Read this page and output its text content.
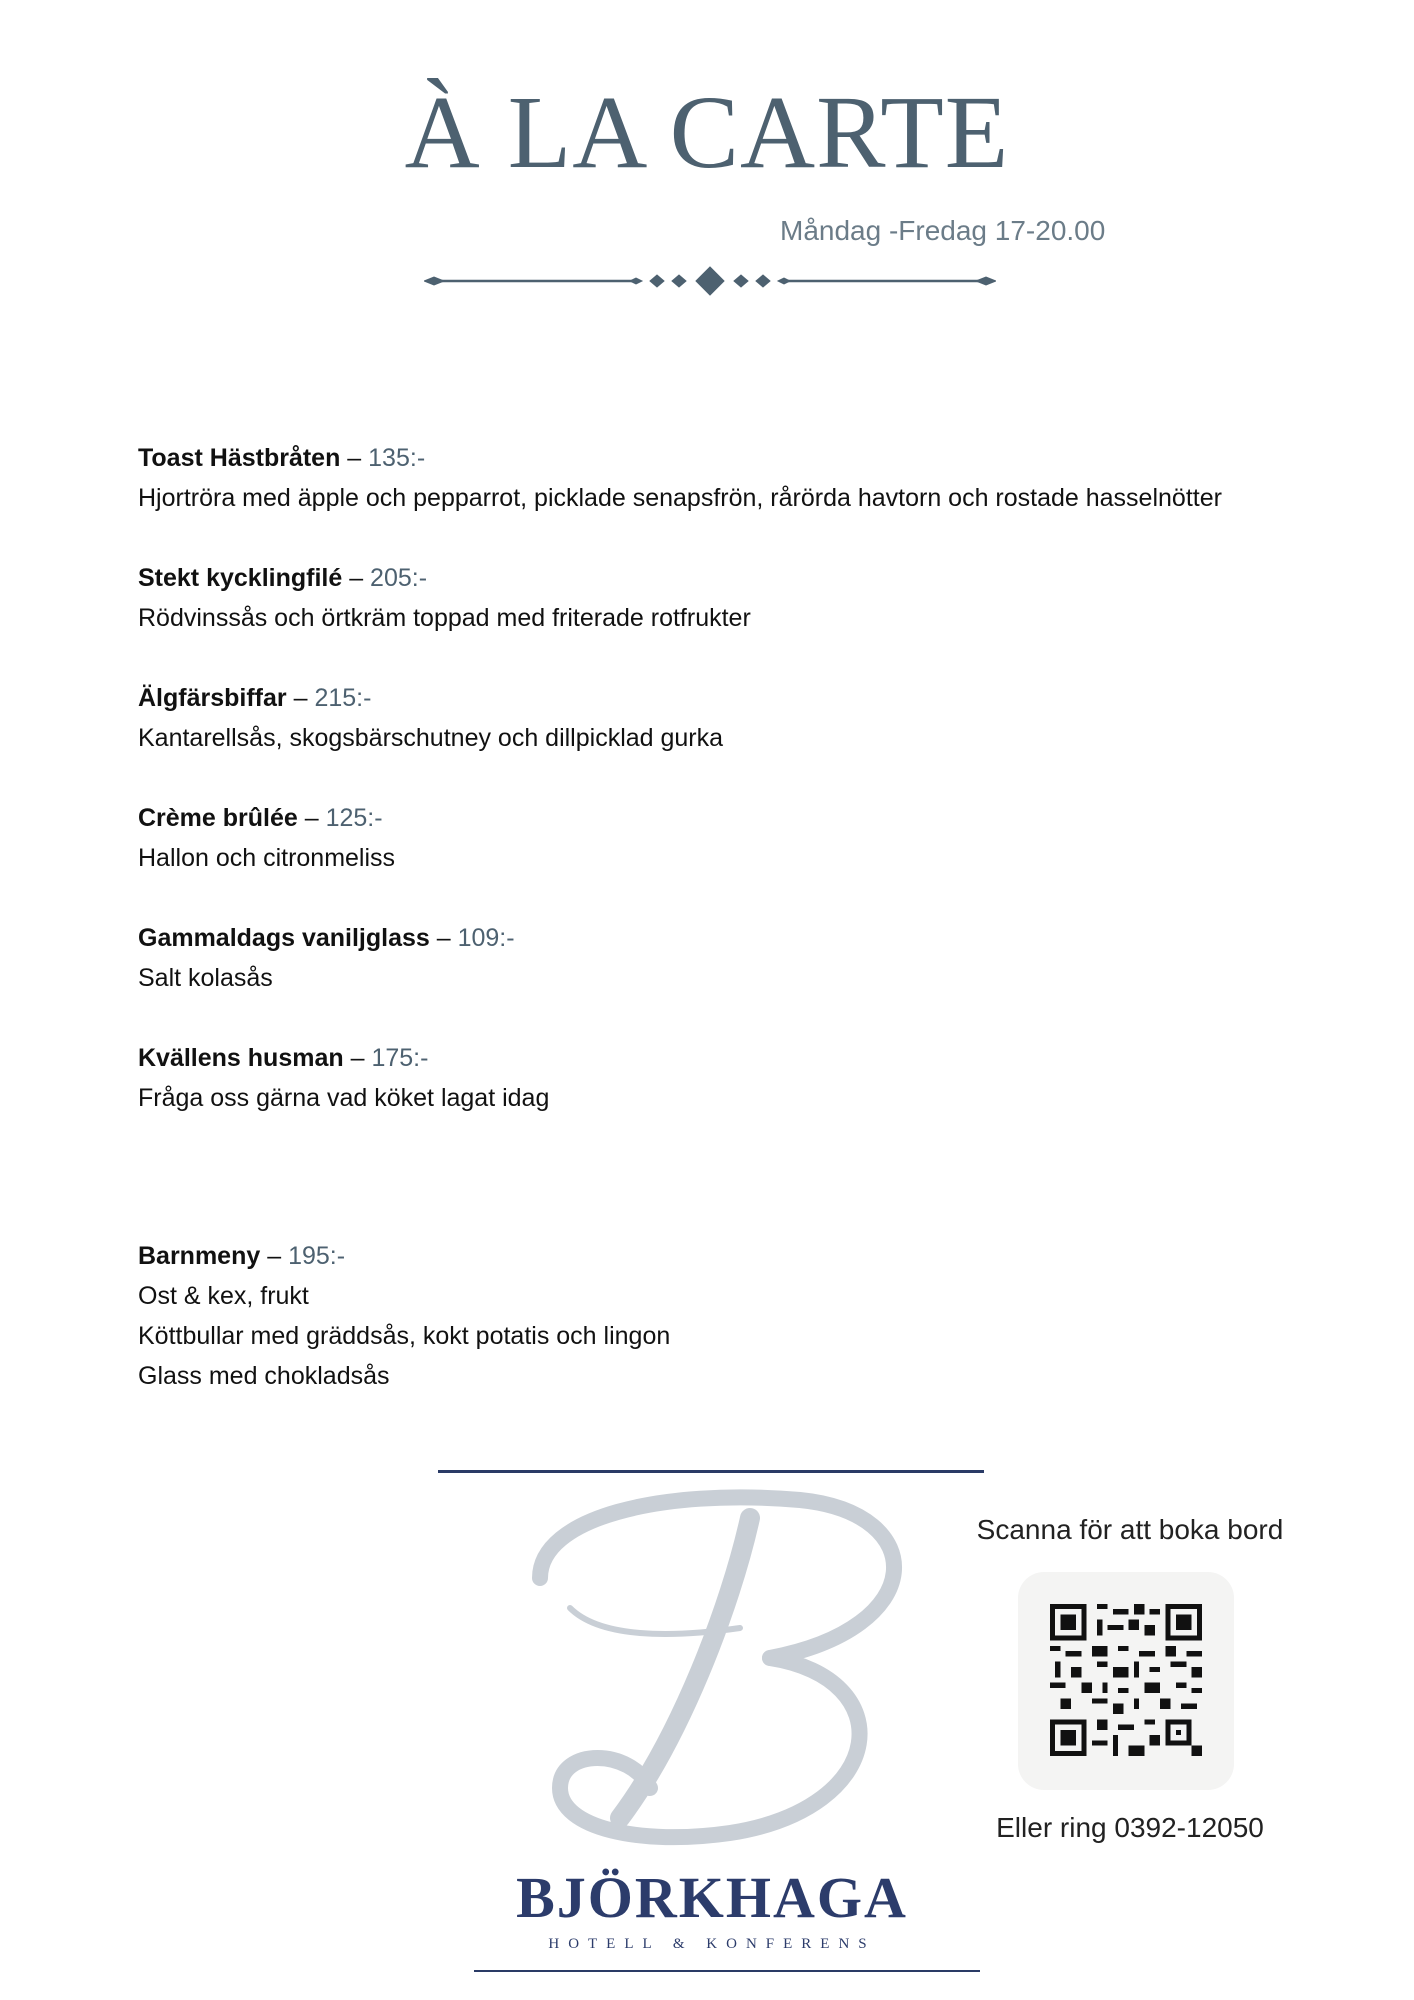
À LA CARTE
Måndag -Fredag 17-20.00
Toast Hästbråten – 135:-
Hjortröra med äpple och pepparrot, picklade senapsfrön, rårörda havtorn och rostade hasselnötter
Stekt kycklingfilé – 205:-
Rödvinssås och örtkräm toppad med friterade rotfrukter
Älgfärsbiffar – 215:-
Kantarellsås, skogsbärschutney och dillpicklad gurka
Crème brûlée – 125:-
Hallon och citronmeliss
Gammaldags vaniljglass – 109:-
Salt kolasås
Kvällens husman – 175:-
Fråga oss gärna vad köket lagat idag
Barnmeny – 195:-
Ost & kex, frukt
Köttbullar med gräddsås, kokt potatis och lingon
Glass med chokladsås
BJÖRKHAGA
HOTELL & KONFERENS
Scanna för att boka bord
Eller ring 0392-12050
